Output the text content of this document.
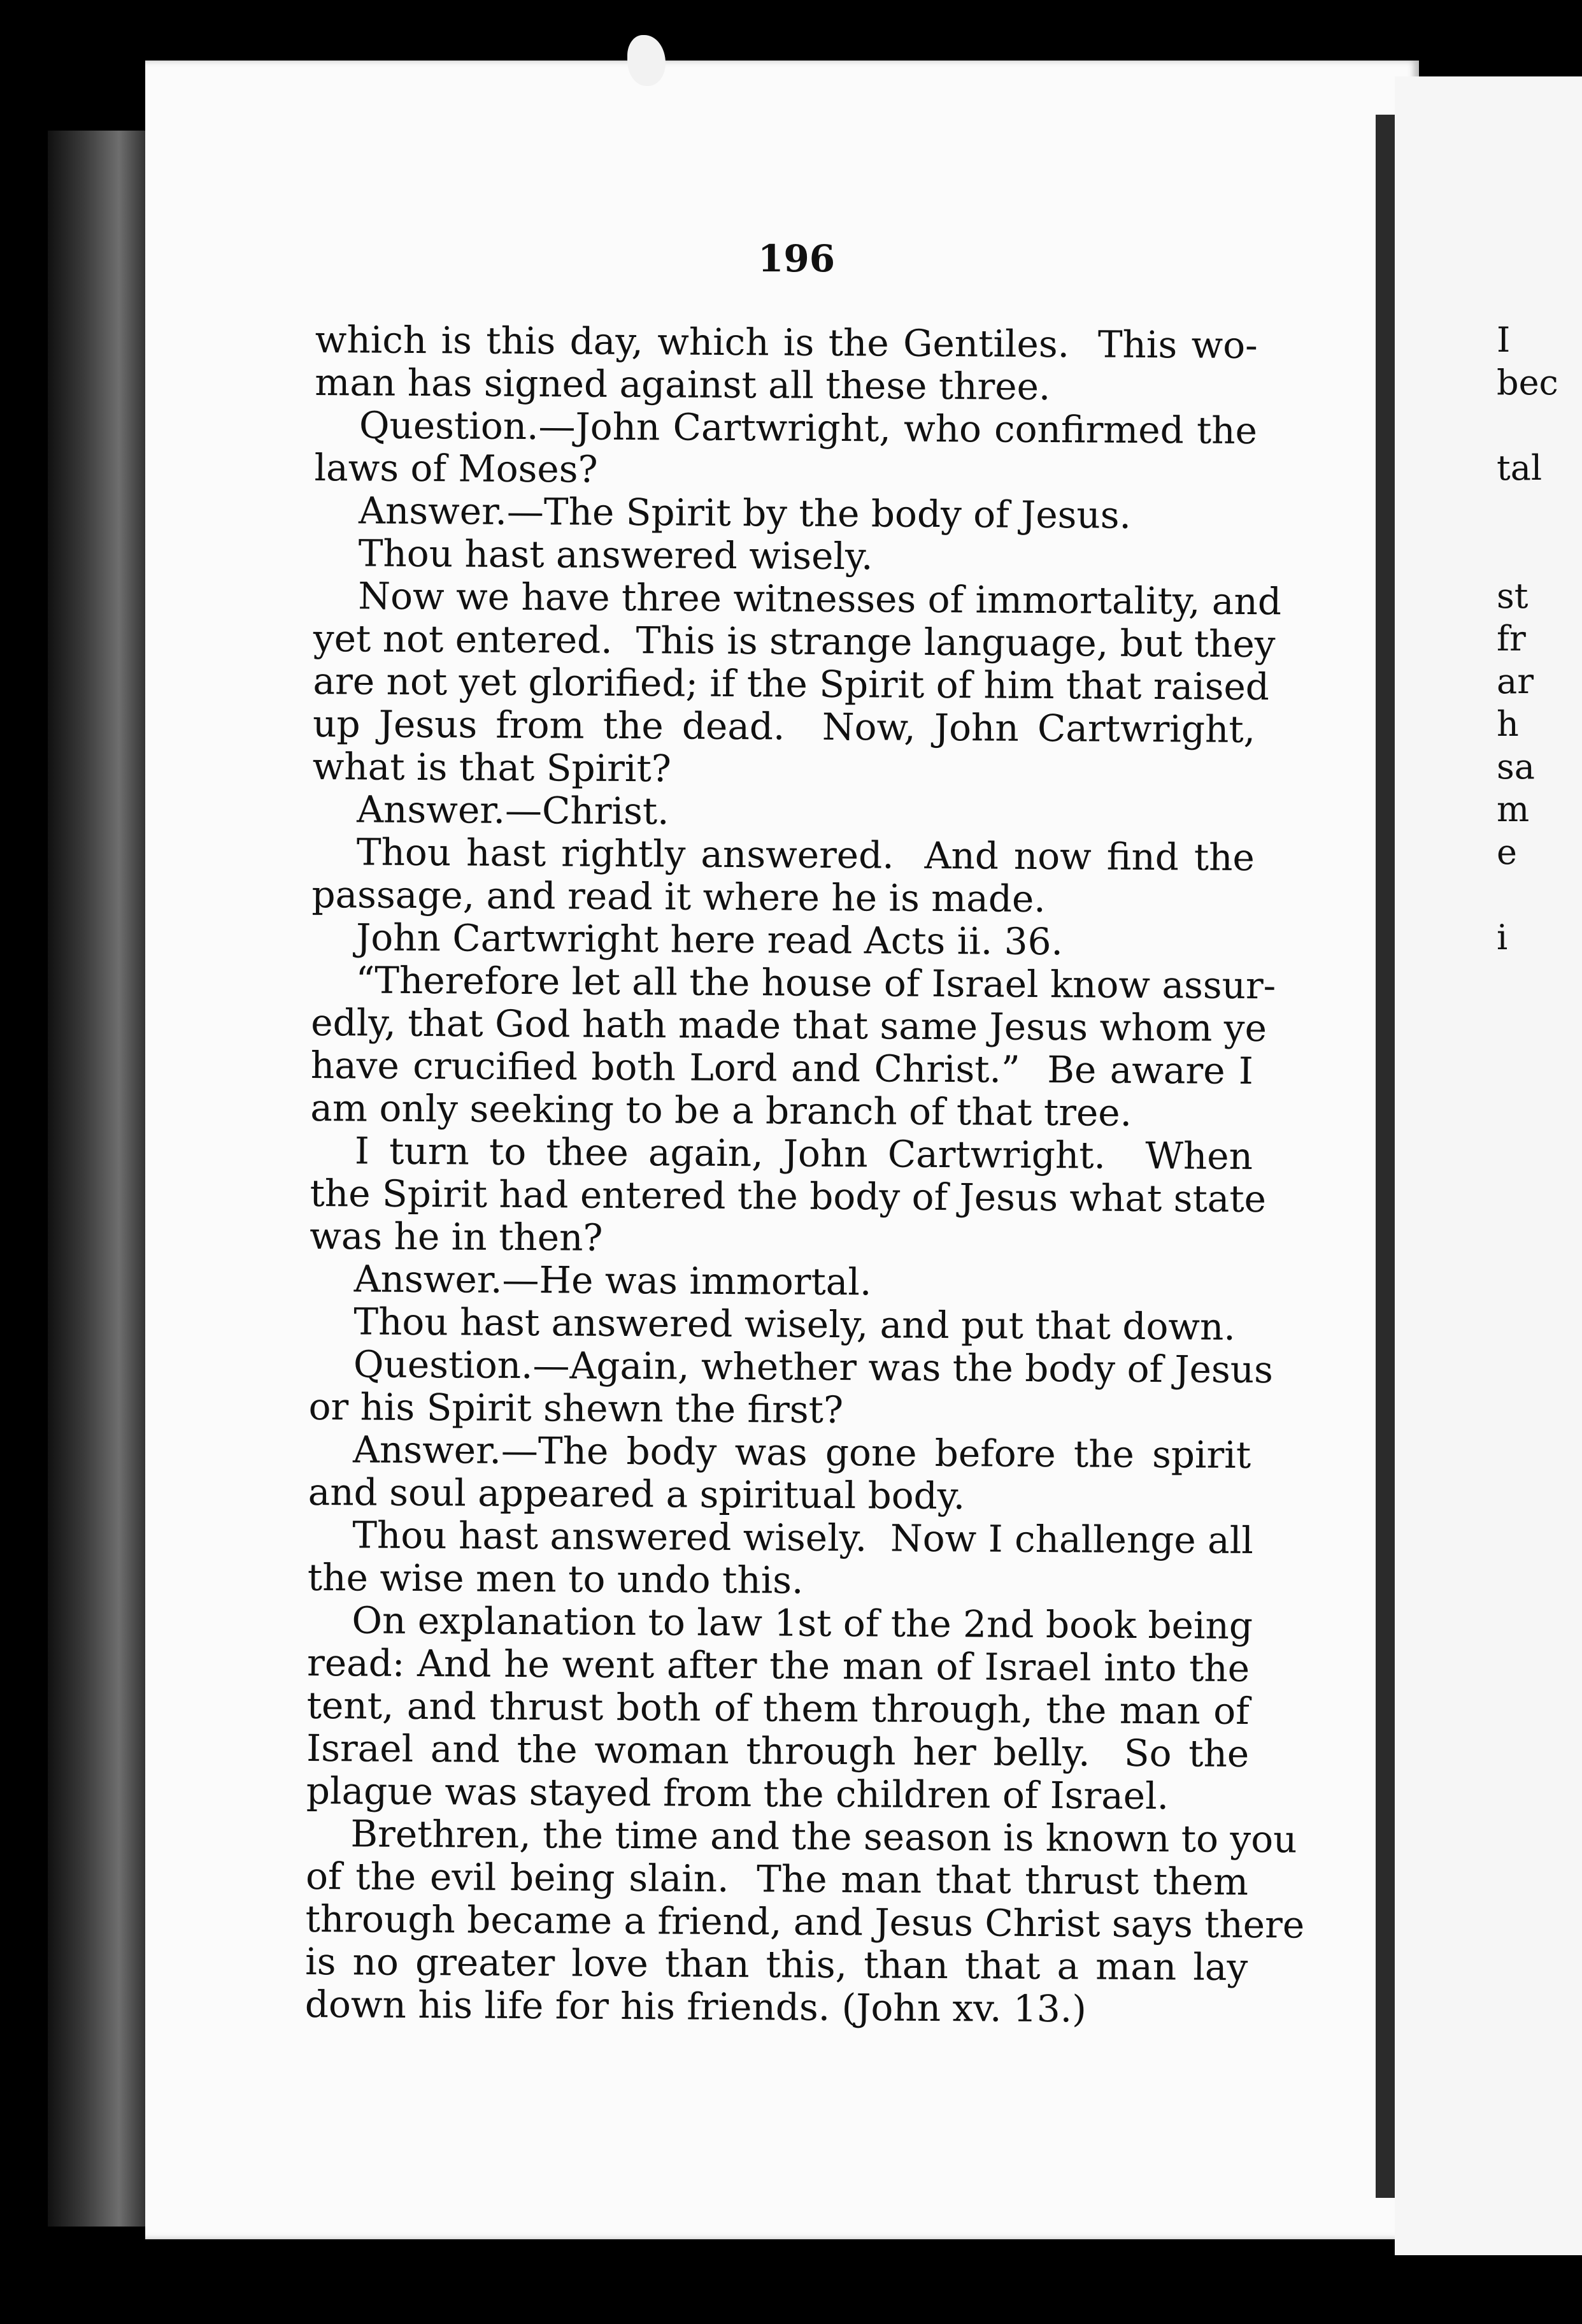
196
which is this day, which is the Gentiles.  This wo-
man has signed against all these three.
Question.—John Cartwright, who confirmed the
laws of Moses?
Answer.—The Spirit by the body of Jesus.
Thou hast answered wisely.
Now we have three witnesses of immortality, and
yet not entered.  This is strange language, but they
are not yet glorified; if the Spirit of him that raised
up Jesus from the dead.  Now, John Cartwright,
what is that Spirit?
Answer.—Christ.
Thou hast rightly answered.  And now find the
passage, and read it where he is made.
John Cartwright here read Acts ii. 36.
“Therefore let all the house of Israel know assur-
edly, that God hath made that same Jesus whom ye
have crucified both Lord and Christ.”  Be aware I
am only seeking to be a branch of that tree.
I turn to thee again, John Cartwright.  When
the Spirit had entered the body of Jesus what state
was he in then?
Answer.—He was immortal.
Thou hast answered wisely, and put that down.
Question.—Again, whether was the body of Jesus
or his Spirit shewn the first?
Answer.—The body was gone before the spirit
and soul appeared a spiritual body.
Thou hast answered wisely.  Now I challenge all
the wise men to undo this.
On explanation to law 1st of the 2nd book being
read: And he went after the man of Israel into the
tent, and thrust both of them through, the man of
Israel and the woman through her belly.  So the
plague was stayed from the children of Israel.
Brethren, the time and the season is known to you
of the evil being slain.  The man that thrust them
through became a friend, and Jesus Christ says there
is no greater love than this, than that a man lay
down his life for his friends. (John xv. 13.)
I
bec
tal
st
fr
ar
h
sa
m
e
i
